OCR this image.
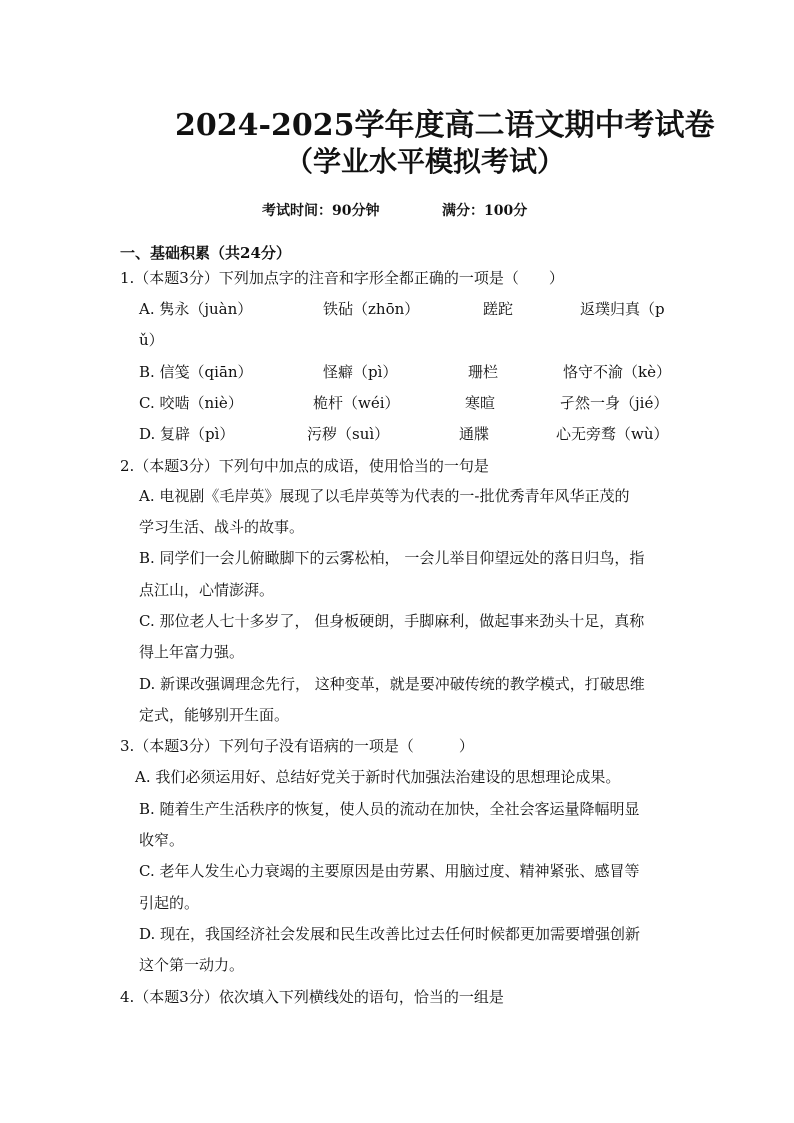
2024-2025学年度高二语文期中考试卷
（学业水平模拟考试）
考试时间：90分钟	满分：100分
一、基础积累（共24分）
1.（本题3分）下列加点字的注音和字形全都正确的一项是（　　）
A. 隽永（juàn）	铁砧（zhōn）	蹉跎	返璞归真（p
ǔ）
B. 信笺（qiān）	怪癖（pì）	珊栏	恪守不渝（kè）
C. 咬啮（niè）	桅杆（wéi）	寒暄	孑然一身（jié）
D. 复辟（pì）	污秽（suì）	通牒	心无旁骛（wù）
2.（本题3分）下列句中加点的成语，使用恰当的一句是
A. 电视剧《毛岸英》展现了以毛岸英等为代表的一-批优秀青年风华正茂的
学习生活、战斗的故事。
B. 同学们一会儿俯瞰脚下的云雾松柏， 一会儿举目仰望远处的落日归鸟，指
点江山，心情澎湃。
C. 那位老人七十多岁了， 但身板硬朗，手脚麻利，做起事来劲头十足，真称
得上年富力强。
D. 新课改强调理念先行， 这种变革，就是要冲破传统的教学模式，打破思维
定式，能够别开生面。
3.（本题3分）下列句子没有语病的一项是（　　　）
A. 我们必须运用好、总结好党关于新时代加强法治建设的思想理论成果。
B. 随着生产生活秩序的恢复，使人员的流动在加快，全社会客运量降幅明显
收窄。
C. 老年人发生心力衰竭的主要原因是由劳累、用脑过度、精神紧张、感冒等
引起的。
D. 现在，我国经济社会发展和民生改善比过去任何时候都更加需要增强创新
这个第一动力。
4.（本题3分）依次填入下列横线处的语句，恰当的一组是
